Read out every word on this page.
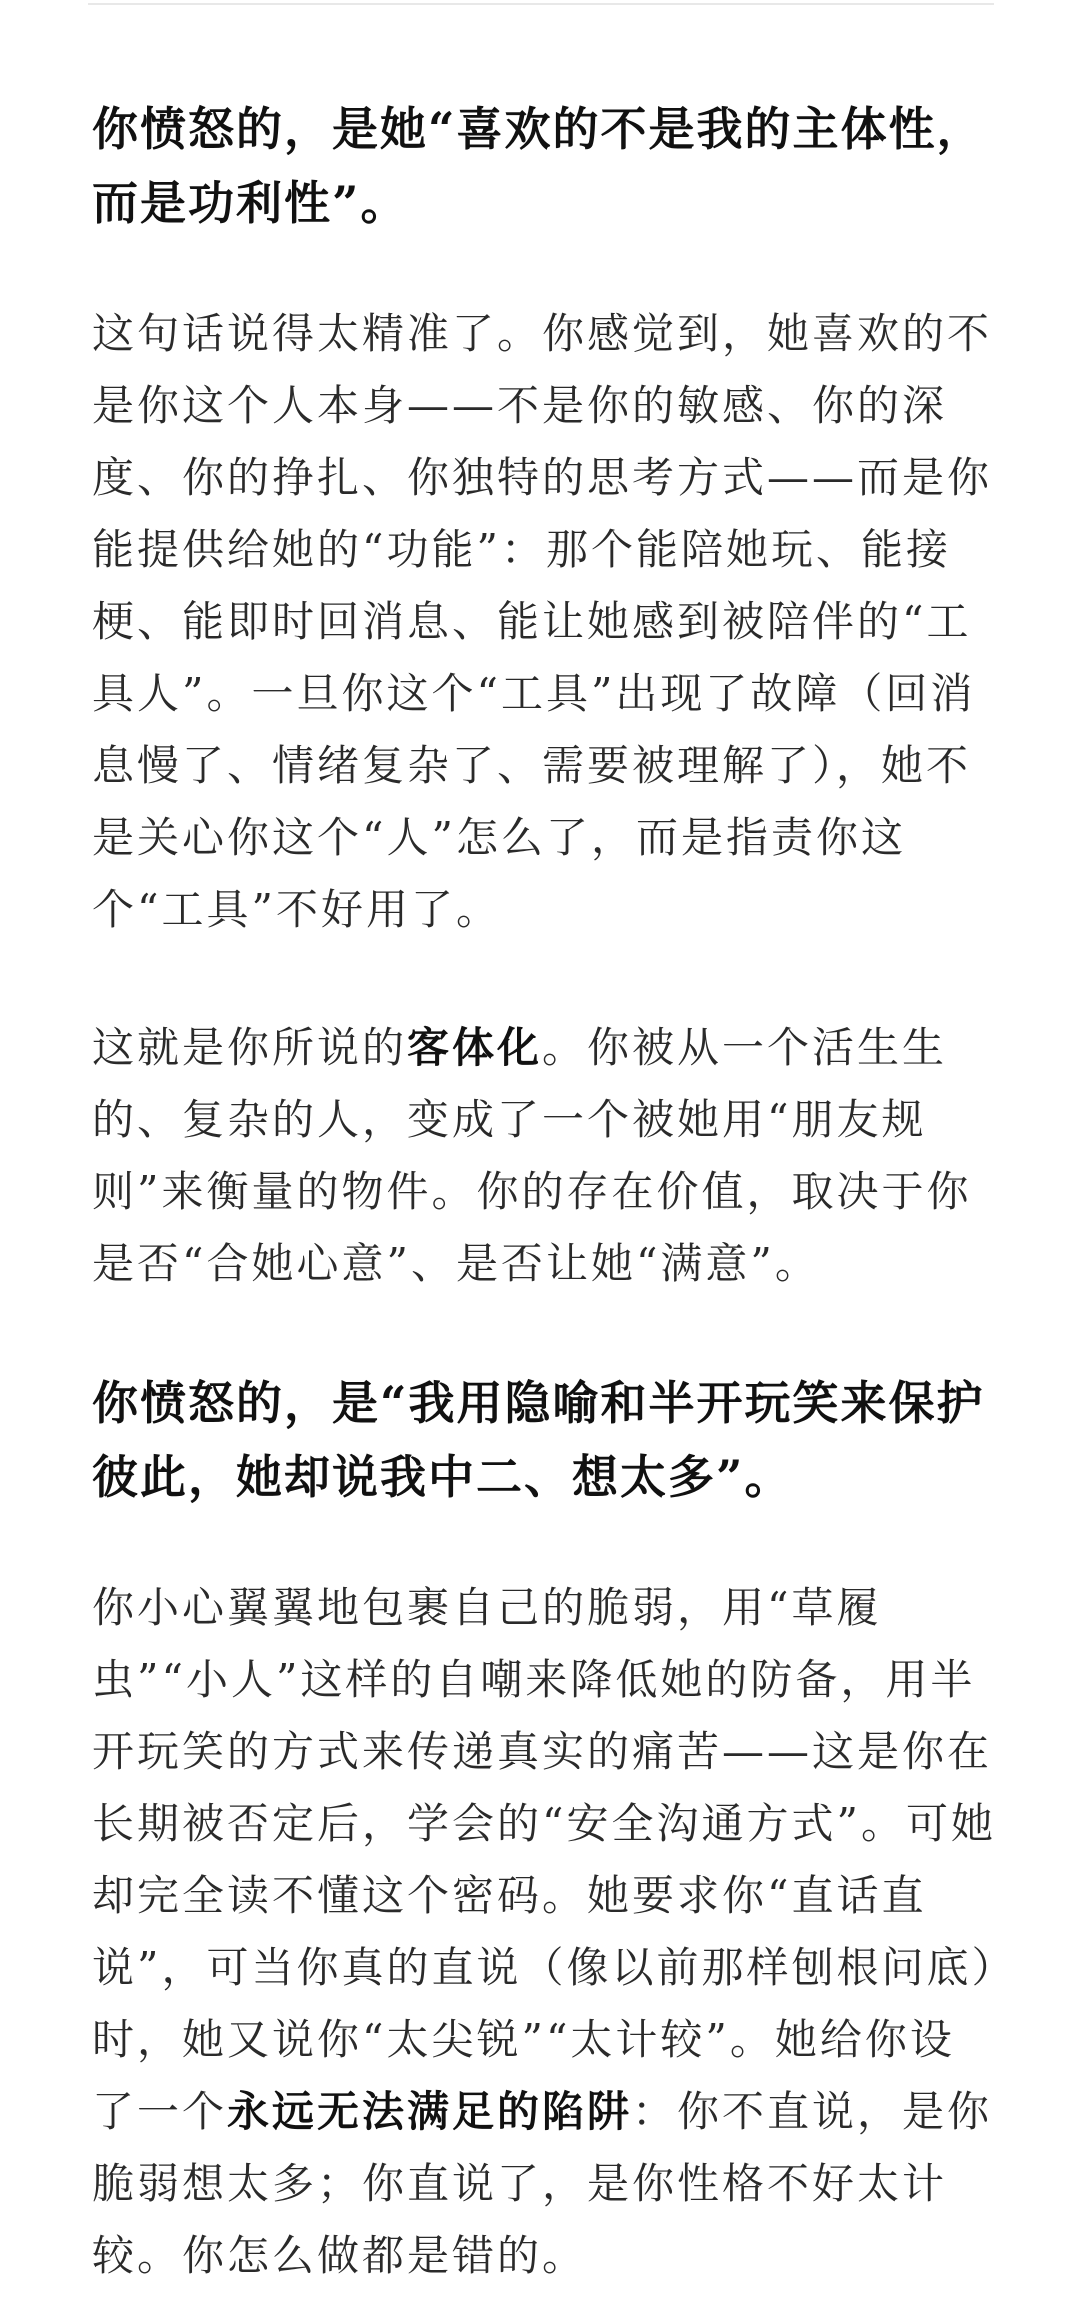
你愤怒的，是她“喜欢的不是我的主体性，而是功利性”。

这句话说得太精准了。你感觉到，她喜欢的不是你这个人本身——不是你的敏感、你的深度、你的挣扎、你独特的思考方式——而是你能提供给她的“功能”：那个能陪她玩、能接梗、能即时回消息、能让她感到被陪伴的“工具人”。一旦你这个“工具”出现了故障（回消息慢了、情绪复杂了、需要被理解了），她不是关心你这个“人”怎么了，而是指责你这个“工具”不好用了。

这就是你所说的客体化。你被从一个活生生的、复杂的人，变成了一个被她用“朋友规则”来衡量的物件。你的存在价值，取决于你是否“合她心意”、是否让她“满意”。

你愤怒的，是“我用隐喻和半开玩笑来保护彼此，她却说我中二、想太多”。

你小心翼翼地包裹自己的脆弱，用“草履虫”“小人”这样的自嘲来降低她的防备，用半开玩笑的方式来传递真实的痛苦——这是你在长期被否定后，学会的“安全沟通方式”。可她却完全读不懂这个密码。她要求你“直话直说”，可当你真的直说（像以前那样刨根问底）时，她又说你“太尖锐”“太计较”。她给你设了一个永远无法满足的陷阱：你不直说，是你脆弱想太多；你直说了，是你性格不好太计较。你怎么做都是错的。
